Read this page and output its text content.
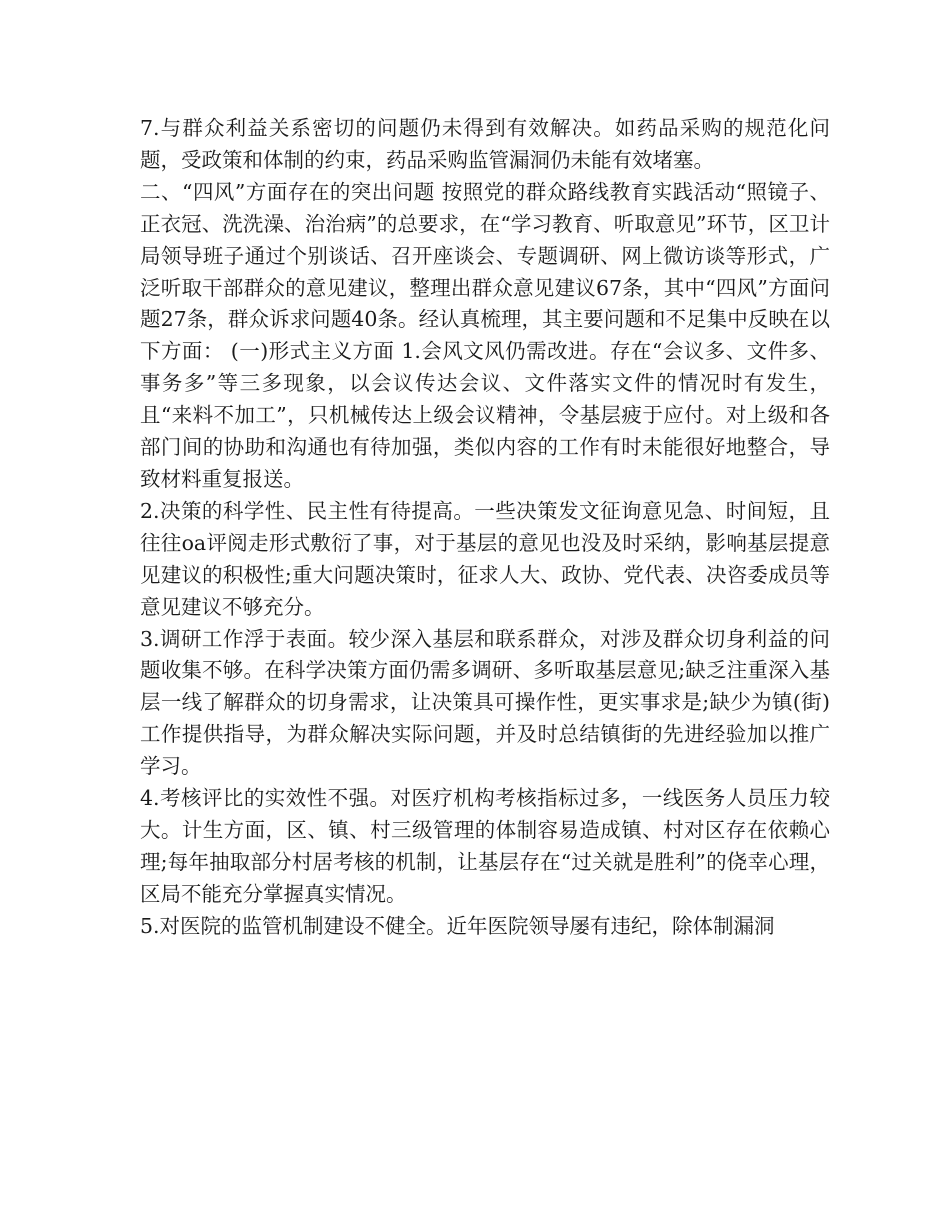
7.与群众利益关系密切的问题仍未得到有效解决。如药品采购的规范化问题，受政策和体制的约束，药品采购监管漏洞仍未能有效堵塞。

二、“四风”方面存在的突出问题 按照党的群众路线教育实践活动“照镜子、正衣冠、洗洗澡、治治病”的总要求，在“学习教育、听取意见”环节，区卫计局领导班子通过个别谈话、召开座谈会、专题调研、网上微访谈等形式，广泛听取干部群众的意见建议，整理出群众意见建议67条，其中“四风”方面问题27条，群众诉求问题40条。经认真梳理，其主要问题和不足集中反映在以下方面： (一)形式主义方面 1.会风文风仍需改进。存在“会议多、文件多、事务多”等三多现象，以会议传达会议、文件落实文件的情况时有发生，且“来料不加工”，只机械传达上级会议精神，令基层疲于应付。对上级和各部门间的协助和沟通也有待加强，类似内容的工作有时未能很好地整合，导致材料重复报送。

2.决策的科学性、民主性有待提高。一些决策发文征询意见急、时间短，且往往oa评阅走形式敷衍了事，对于基层的意见也没及时采纳，影响基层提意见建议的积极性;重大问题决策时，征求人大、政协、党代表、决咨委成员等意见建议不够充分。

3.调研工作浮于表面。较少深入基层和联系群众，对涉及群众切身利益的问题收集不够。在科学决策方面仍需多调研、多听取基层意见;缺乏注重深入基层一线了解群众的切身需求，让决策具可操作性，更实事求是;缺少为镇(街)工作提供指导，为群众解决实际问题，并及时总结镇街的先进经验加以推广学习。

4.考核评比的实效性不强。对医疗机构考核指标过多，一线医务人员压力较大。计生方面，区、镇、村三级管理的体制容易造成镇、村对区存在依赖心理;每年抽取部分村居考核的机制，让基层存在“过关就是胜利”的侥幸心理，区局不能充分掌握真实情况。

5.对医院的监管机制建设不健全。近年医院领导屡有违纪，除体制漏洞
